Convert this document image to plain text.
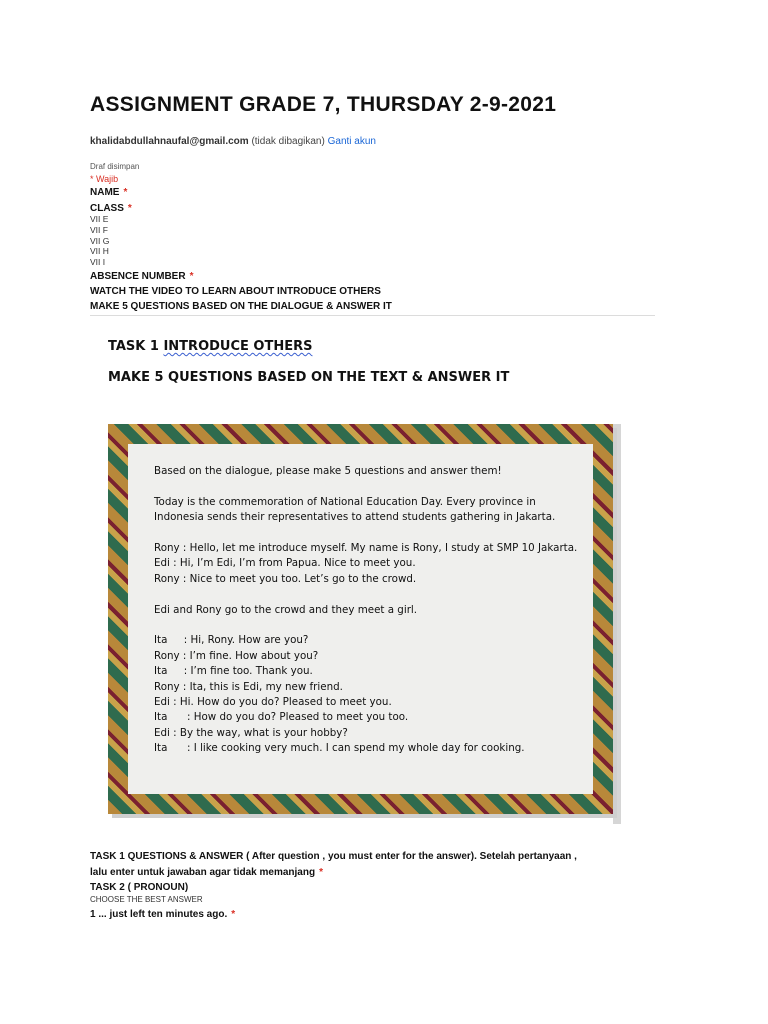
ASSIGNMENT GRADE 7, THURSDAY 2-9-2021
khalidabdullahnaufal@gmail.com (tidak dibagikan) Ganti akun
Draf disimpan
* Wajib
NAME *
CLASS *
VII E
VII F
VII G
VII H
VII I
ABSENCE NUMBER *
WATCH THE VIDEO TO LEARN ABOUT INTRODUCE OTHERS
MAKE 5 QUESTIONS BASED ON THE DIALOGUE & ANSWER IT
TASK 1 INTRODUCE OTHERS
MAKE 5 QUESTIONS BASED ON THE TEXT & ANSWER IT

Based on the dialogue, please make 5 questions and answer them!

Today is the commemoration of National Education Day. Every province in

Indonesia sends their representatives to attend students gathering in Jakarta.

Rony : Hello, let me introduce myself. My name is Rony, I study at SMP 10 Jakarta.

Edi : Hi, I’m Edi, I’m from Papua. Nice to meet you.

Rony : Nice to meet you too. Let’s go to the crowd.

Edi and Rony go to the crowd and they meet a girl.

Ita     : Hi, Rony. How are you?

Rony : I’m fine. How about you?

Ita     : I’m fine too. Thank you.

Rony : Ita, this is Edi, my new friend.

Edi : Hi. How do you do? Pleased to meet you.

Ita      : How do you do? Pleased to meet you too.

Edi : By the way, what is your hobby?

Ita      : I like cooking very much. I can spend my whole day for cooking.

TASK 1 QUESTIONS & ANSWER ( After question , you must enter for the answer). Setelah pertanyaan ,
lalu enter untuk jawaban agar tidak memanjang *
TASK 2 ( PRONOUN)
CHOOSE THE BEST ANSWER
1 ... just left ten minutes ago. *
